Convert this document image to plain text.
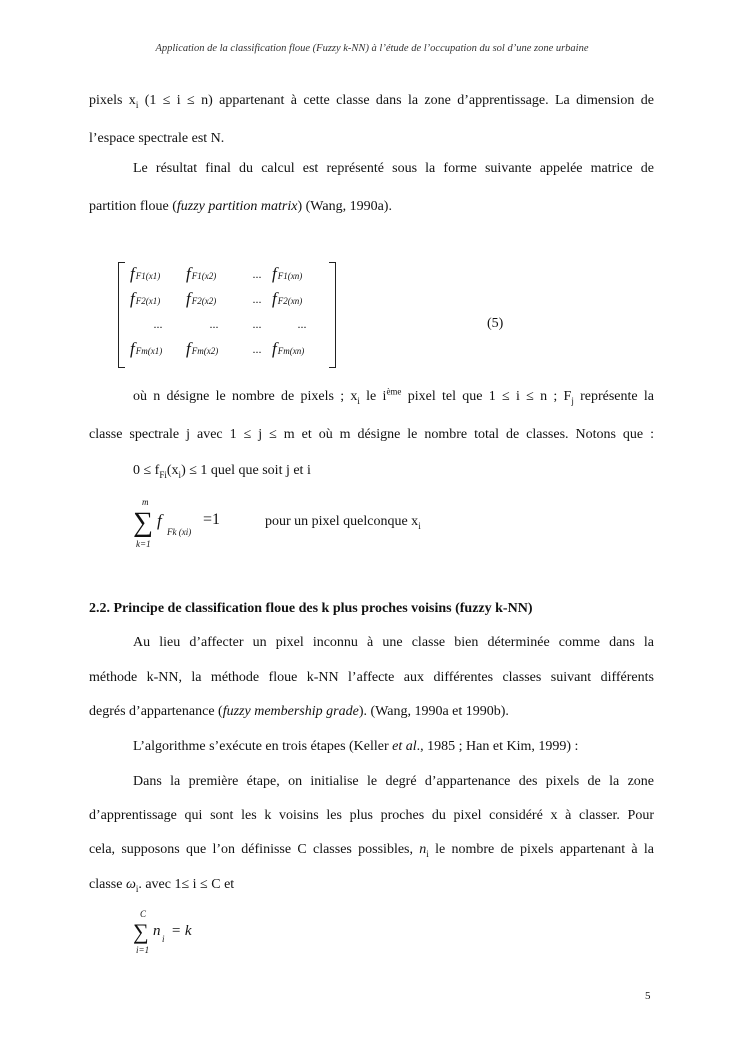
Application de la classification floue (Fuzzy k-NN) à l’étude de l’occupation du sol d’une zone urbaine
pixels $x_i$ (1 ≤ i ≤ n) appartenant à cette classe dans la zone d’apprentissage. La dimension de
l’espace spectrale est N.
Le résultat final du calcul est représenté sous la forme suivante appelée matrice de
partition floue (fuzzy partition matrix) (Wang, 1990a).
f F1(x1) f F1(x2)	... f F1(xn)
f F2(x1) f F2(x2)	... f F2(xn)
...	...	...	...
f Fm(x1) f Fm(x2)	... f Fm(xn)
(5)
où n désigne le nombre de pixels ; $x_i$ le $i^{ème}$ pixel tel que 1 ≤ i ≤ n ; $F_j$ représente la
classe spectrale j avec 1 ≤ j ≤ m et où m désigne le nombre total de classes. Notons que :
$0 \le f_{Fi}(x_i) \le 1$ quel que soit j et i
m
∑
k=1
f
Fk (xi)
=1	pour un pixel quelconque $x_i$
2.2. Principe de classification floue des k plus proches voisins (fuzzy k-NN)
Au lieu d’affecter un pixel inconnu à une classe bien déterminée comme dans la
méthode k-NN, la méthode floue k-NN l’affecte aux différentes classes suivant différents
degrés d’appartenance (fuzzy membership grade). (Wang, 1990a et 1990b).
L’algorithme s’exécute en trois étapes (Keller et al., 1985 ; Han et Kim, 1999) :
Dans la première étape, on initialise le degré d’appartenance des pixels de la zone
d’apprentissage qui sont les k voisins les plus proches du pixel considéré x à classer. Pour
cela, supposons que l’on définisse C classes possibles, $n_i$ le nombre de pixels appartenant à la
classe $\omega_i$. avec 1≤ i ≤ C et
C
∑
i=1
n i = k
5
